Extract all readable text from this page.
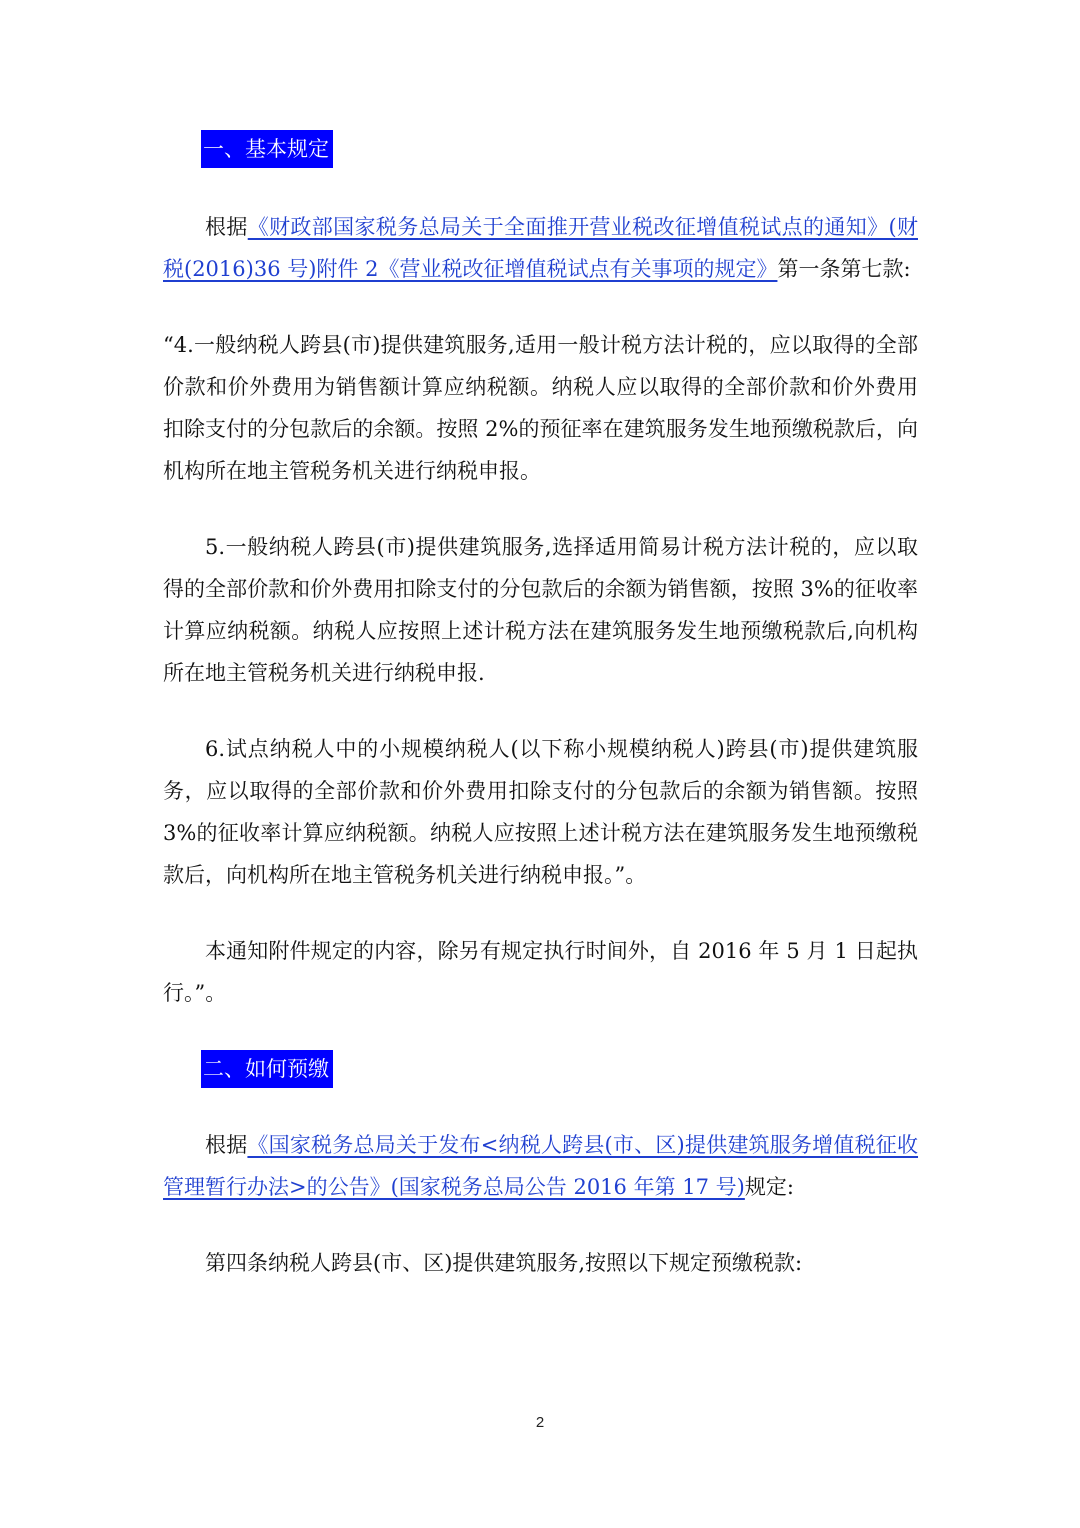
一、基本规定

根据《财政部国家税务总局关于全面推开营业税改征增值税试点的通知》(财税(2016)36 号)附件 2《营业税改征增值税试点有关事项的规定》第一条第七款:

“4.一般纳税人跨县(市)提供建筑服务,适用一般计税方法计税的，应以取得的全部价款和价外费用为销售额计算应纳税额。纳税人应以取得的全部价款和价外费用扣除支付的分包款后的余额。按照 2%的预征率在建筑服务发生地预缴税款后，向机构所在地主管税务机关进行纳税申报。

5.一般纳税人跨县(市)提供建筑服务,选择适用简易计税方法计税的，应以取得的全部价款和价外费用扣除支付的分包款后的余额为销售额，按照 3%的征收率计算应纳税额。纳税人应按照上述计税方法在建筑服务发生地预缴税款后,向机构所在地主管税务机关进行纳税申报.

6.试点纳税人中的小规模纳税人(以下称小规模纳税人)跨县(市)提供建筑服务，应以取得的全部价款和价外费用扣除支付的分包款后的余额为销售额。按照 3%的征收率计算应纳税额。纳税人应按照上述计税方法在建筑服务发生地预缴税款后，向机构所在地主管税务机关进行纳税申报。”。

本通知附件规定的内容，除另有规定执行时间外，自 2016 年 5 月 1 日起执行。”。

二、如何预缴

根据《国家税务总局关于发布<纳税人跨县(市、区)提供建筑服务增值税征收管理暂行办法>的公告》(国家税务总局公告 2016 年第 17 号)规定:

第四条纳税人跨县(市、区)提供建筑服务,按照以下规定预缴税款:

2
